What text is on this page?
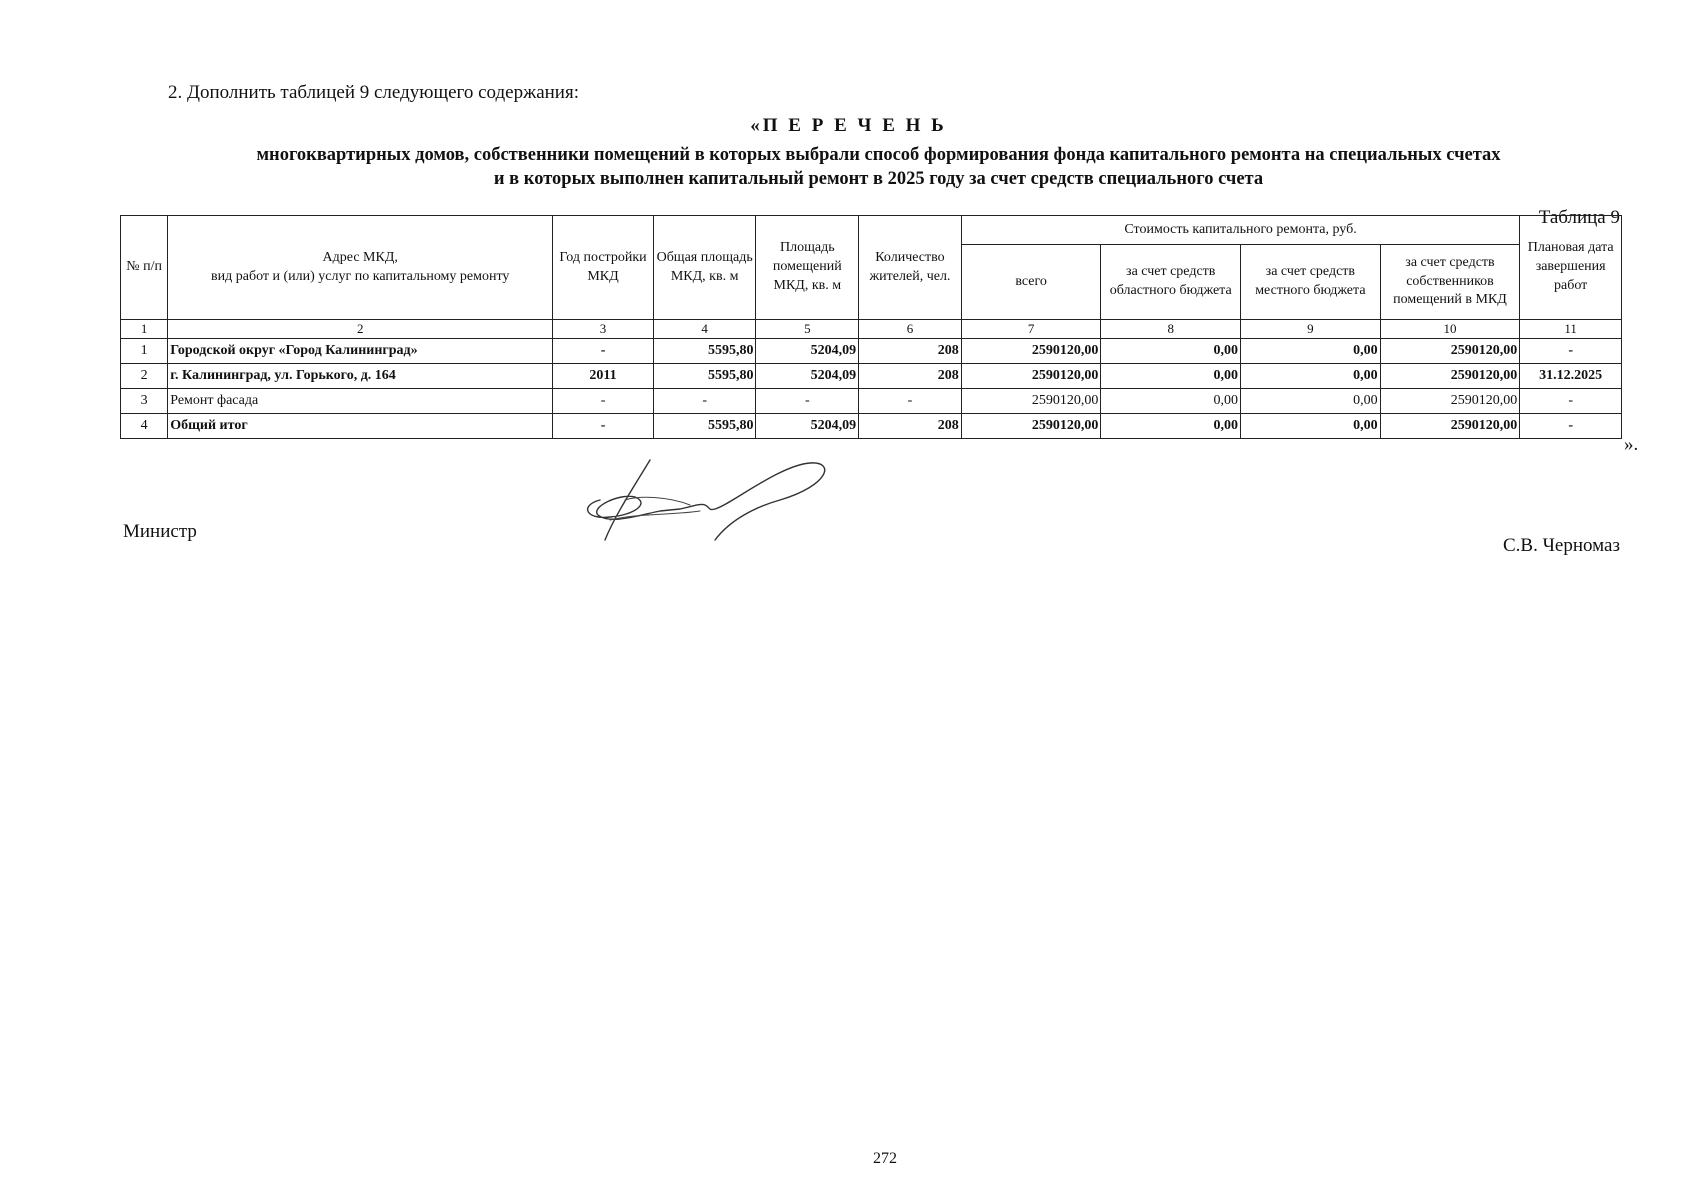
2. Дополнить таблицей 9 следующего содержания:
«П Е Р Е Ч Е Н Ь
многоквартирных домов, собственники помещений в которых выбрали способ формирования фонда капитального ремонта на специальных счетах
и в которых выполнен капитальный ремонт в 2025 году за счет средств специального счета
Таблица 9
№ п/п	Адрес МКД,
вид работ и (или) услуг по капитальному ремонту	Год постройки МКД	Общая площадь МКД, кв. м	Площадь помещений МКД, кв. м	Количество жителей, чел.	Стоимость капитального ремонта, руб.				Плановая дата завершения работ
						всего	за счет средств областного бюджета	за счет средств местного бюджета	за счет средств собственников помещений в МКД	
1	2	3	4	5	6	7	8	9	10	11
1	Городской округ «Город Калининград»	-	5595,80	5204,09	208	2590120,00	0,00	0,00	2590120,00	-
2	г. Калининград, ул. Горького, д. 164	2011	5595,80	5204,09	208	2590120,00	0,00	0,00	2590120,00	31.12.2025
3	Ремонт фасада	-	-	-	-	2590120,00	0,00	0,00	2590120,00	-
4	Общий итог	-	5595,80	5204,09	208	2590120,00	0,00	0,00	2590120,00	-
».
Министр
С.В. Черномаз
272
